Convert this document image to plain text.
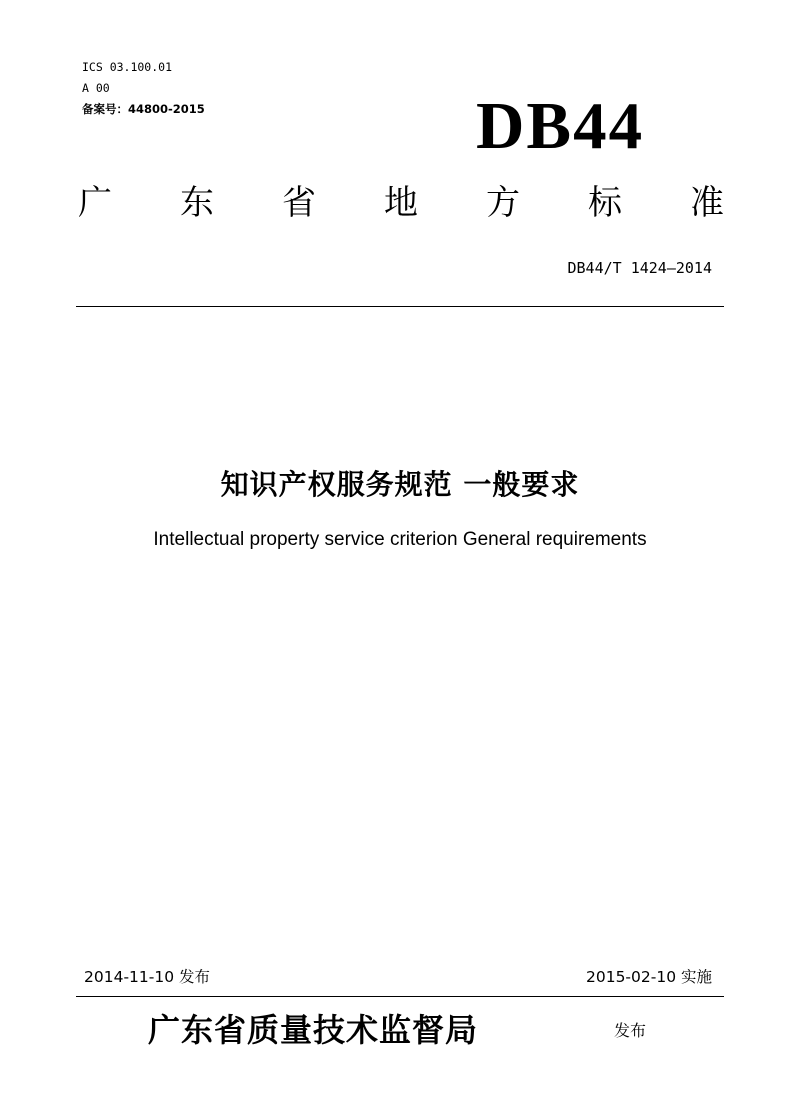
ICS 03.100.01
A 00
备案号：44800-2015	DB44
广 东 省 地 方 标 准
DB44/T 1424—2014
知识产权服务规范 一般要求
Intellectual property service criterion General requirements
2014-11-10 发布	2015-02-10 实施
广东省质量技术监督局	发布
